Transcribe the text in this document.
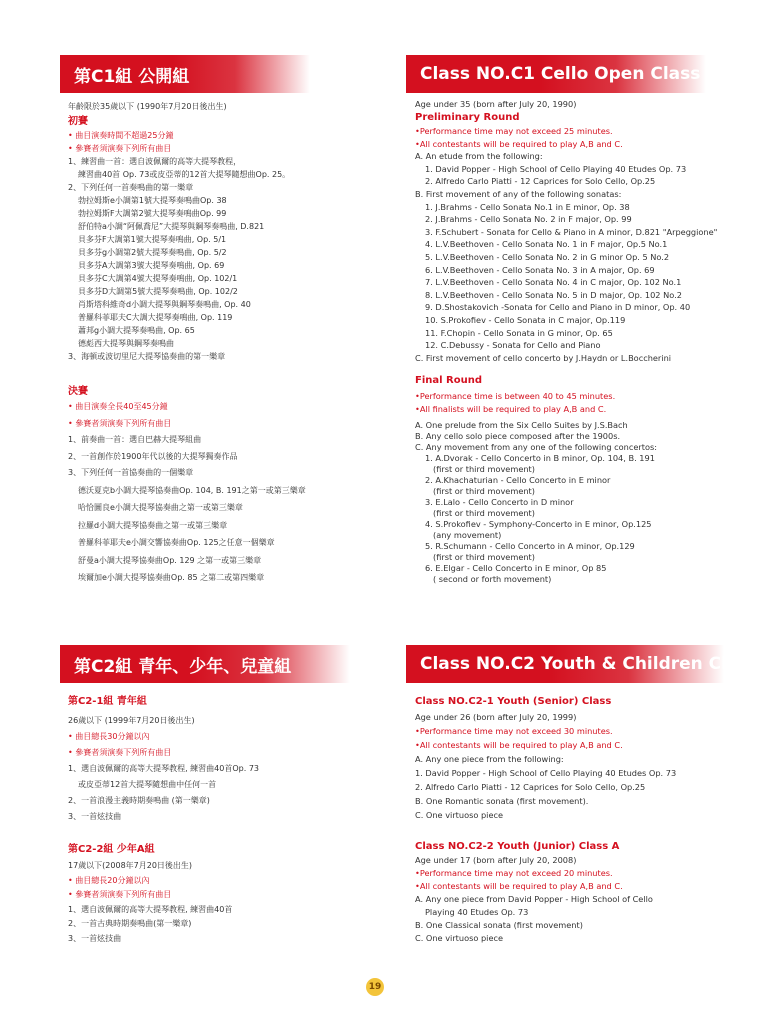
第C1組 公開組	Class NO.C1 Cello Open Class
第C2組 青年、少年、兒童組	Class NO.C2 Youth & Children Classes
年齡限於35歲以下 (1990年7月20日後出生)
初賽
• 曲目演奏時間不超過25分鐘
• 參賽者須演奏下列所有曲目
1、練習曲一首：選自波佩爾的高等大提琴教程，
練習曲40首 Op. 73或皮亞蒂的12首大提琴隨想曲Op. 25。
2、下列任何一首奏鳴曲的第一樂章
勃拉姆斯e小調第1號大提琴奏鳴曲Op. 38
勃拉姆斯F大調第2號大提琴奏鳴曲Op. 99
舒伯特a小調“阿佩喬尼”大提琴與鋼琴奏鳴曲, D.821
貝多芬F大調第1號大提琴奏鳴曲, Op. 5/1
貝多芬g小調第2號大提琴奏鳴曲, Op. 5/2
貝多芬A大調第3號大提琴奏鳴曲, Op. 69
貝多芬C大調第4號大提琴奏鳴曲, Op. 102/1
貝多芬D大調第5號大提琴奏鳴曲, Op. 102/2
肖斯塔科維奇d小調大提琴與鋼琴奏鳴曲, Op. 40
普羅科菲耶夫C大調大提琴奏鳴曲, Op. 119
蕭邦g小調大提琴奏鳴曲, Op. 65
德彪西大提琴與鋼琴奏鳴曲
3、海頓或波切里尼大提琴協奏曲的第一樂章
決賽
• 曲目演奏全長40至45分鐘
• 參賽者須演奏下列所有曲目
1、前奏曲一首：選自巴赫大提琴組曲
2、一首創作於1900年代以後的大提琴獨奏作品
3、下列任何一首協奏曲的一個樂章
德沃夏克b小調大提琴協奏曲Op. 104, B. 191之第一或第三樂章
哈恰圖良e小調大提琴協奏曲之第一或第三樂章
拉羅d小調大提琴協奏曲之第一或第三樂章
普羅科菲耶夫e小調交響協奏曲Op. 125之任意一個樂章
舒曼a小調大提琴協奏曲Op. 129 之第一或第三樂章
埃爾加e小調大提琴協奏曲Op. 85 之第二或第四樂章
Age under 35 (born after July 20, 1990)
Preliminary Round
•Performance time may not exceed 25 minutes.
•All contestants will be required to play A,B and C.
A. An etude from the following:
1. David Popper - High School of Cello Playing 40 Etudes Op. 73
2. Alfredo Carlo Piatti - 12 Caprices for Solo Cello, Op.25
B. First movement of any of the following sonatas:
1. J.Brahms - Cello Sonata No.1 in E minor, Op. 38
2. J.Brahms - Cello Sonata No. 2 in F major, Op. 99
3. F.Schubert - Sonata for Cello & Piano in A minor, D.821 "Arpeggione"
4. L.V.Beethoven - Cello Sonata No. 1 in F major, Op.5 No.1
5. L.V.Beethoven - Cello Sonata No. 2 in G minor Op. 5 No.2
6. L.V.Beethoven - Cello Sonata No. 3 in A major, Op. 69
7. L.V.Beethoven - Cello Sonata No. 4 in C major, Op. 102 No.1
8. L.V.Beethoven - Cello Sonata No. 5 in D major, Op. 102 No.2
9. D.Shostakovich -Sonata for Cello and Piano in D minor, Op. 40
10. S.Prokofiev - Cello Sonata in C major, Op.119
11. F.Chopin - Cello Sonata in G minor, Op. 65
12. C.Debussy - Sonata for Cello and Piano
C. First movement of cello concerto by J.Haydn or L.Boccherini
Final Round
•Performance time is between 40 to 45 minutes.
•All finalists will be required to play A,B and C.
A. One prelude from the Six Cello Suites by J.S.Bach
B. Any cello solo piece composed after the 1900s.
C. Any movement from any one of the following concertos:
1. A.Dvorak - Cello Concerto in B minor, Op. 104, B. 191
(first or third movement)
2. A.Khachaturian - Cello Concerto in E minor
(first or third movement)
3. E.Lalo - Cello Concerto in D minor
(first or third movement)
4. S.Prokofiev - Symphony-Concerto in E minor, Op.125
(any movement)
5. R.Schumann - Cello Concerto in A minor, Op.129
(first or third movement)
6. E.Elgar - Cello Concerto in E minor, Op 85
( second or forth movement)
第C2-1組 青年組
26歲以下 (1999年7月20日後出生)
• 曲目總長30分鐘以內
• 參賽者須演奏下列所有曲目
1、選自波佩爾的高等大提琴教程, 練習曲40首Op. 73
或皮亞蒂12首大提琴隨想曲中任何一首
2、一首浪漫主義時期奏鳴曲 (第一樂章)
3、一首炫技曲
第C2-2組 少年A組
17歲以下(2008年7月20日後出生)
• 曲目總長20分鐘以內
• 參賽者須演奏下列所有曲目
1、選自波佩爾的高等大提琴教程, 練習曲40首
2、一首古典時期奏鳴曲(第一樂章)
3、一首炫技曲
Class NO.C2-1 Youth (Senior) Class
Age under 26 (born after July 20, 1999)
•Performance time may not exceed 30 minutes.
•All contestants will be required to play A,B and C.
A. Any one piece from the following:
1. David Popper - High School of Cello Playing 40 Etudes Op. 73
2. Alfredo Carlo Piatti - 12 Caprices for Solo Cello, Op.25
B. One Romantic sonata (first movement).
C. One virtuoso piece
Class NO.C2-2 Youth (Junior) Class A
Age under 17 (born after July 20, 2008)
•Performance time may not exceed 20 minutes.
•All contestants will be required to play A,B and C.
A. Any one piece from David Popper - High School of Cello
Playing 40 Etudes Op. 73
B. One Classical sonata (first movement)
C. One virtuoso piece
19
